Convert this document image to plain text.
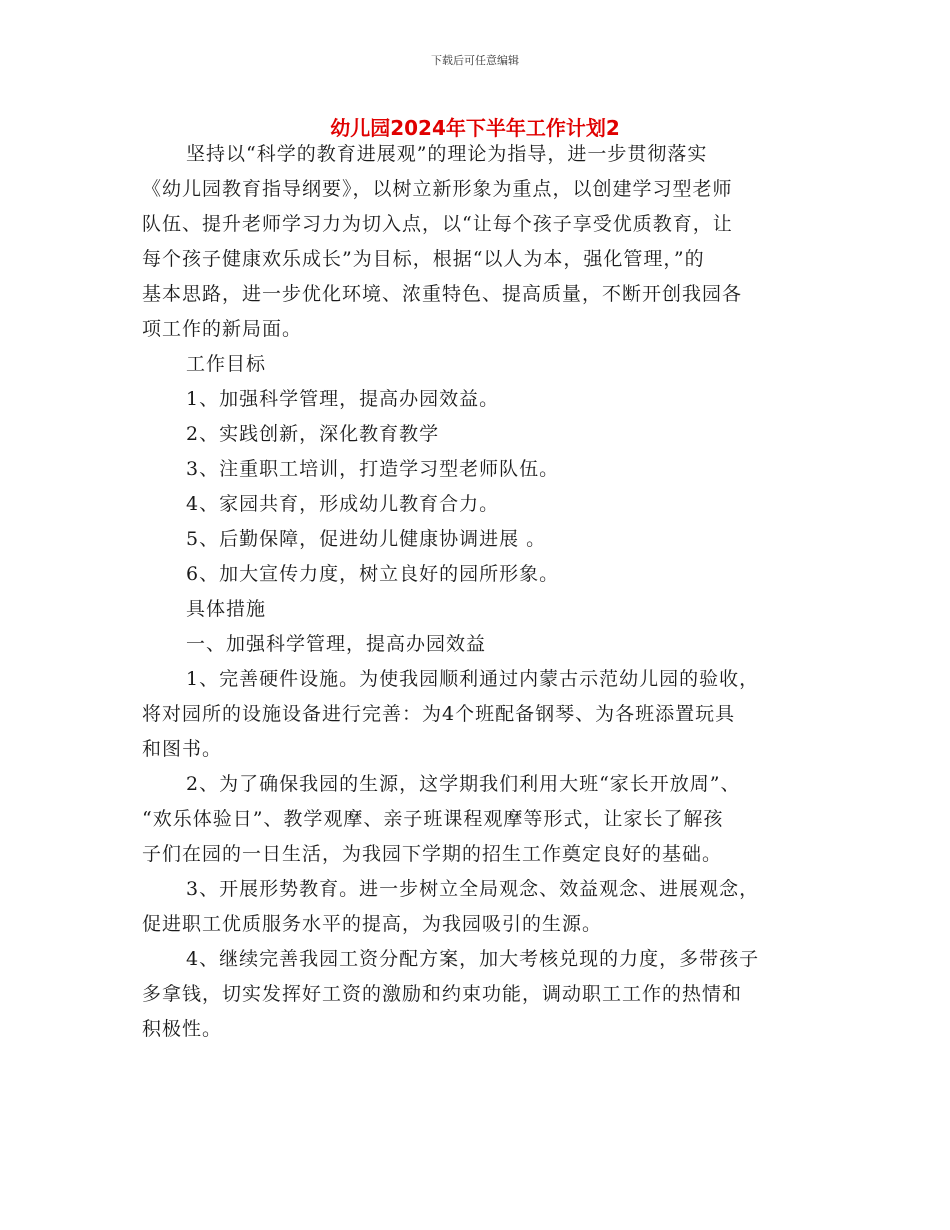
下载后可任意编辑
幼儿园2024年下半年工作计划2
坚持以“科学的教育进展观”的理论为指导，进一步贯彻落实
《幼儿园教育指导纲要》，以树立新形象为重点，以创建学习型老师
队伍、提升老师学习力为切入点，以“让每个孩子享受优质教育，让
每个孩子健康欢乐成长”为目标，根据“以人为本，强化管理，”的
基本思路，进一步优化环境、浓重特色、提高质量，不断开创我园各
项工作的新局面。
工作目标
1、加强科学管理，提高办园效益。
2、实践创新，深化教育教学
3、注重职工培训，打造学习型老师队伍。
4、家园共育，形成幼儿教育合力。
5、后勤保障，促进幼儿健康协调进展 。
6、加大宣传力度，树立良好的园所形象。
具体措施
一、加强科学管理，提高办园效益
1、完善硬件设施。为使我园顺利通过内蒙古示范幼儿园的验收，
将对园所的设施设备进行完善：为4个班配备钢琴、为各班添置玩具
和图书。
2、为了确保我园的生源，这学期我们利用大班“家长开放周”、
“欢乐体验日”、教学观摩、亲子班课程观摩等形式，让家长了解孩
子们在园的一日生活，为我园下学期的招生工作奠定良好的基础。
3、开展形势教育。进一步树立全局观念、效益观念、进展观念，
促进职工优质服务水平的提高，为我园吸引的生源。
4、继续完善我园工资分配方案，加大考核兑现的力度，多带孩子
多拿钱，切实发挥好工资的激励和约束功能，调动职工工作的热情和
积极性。
